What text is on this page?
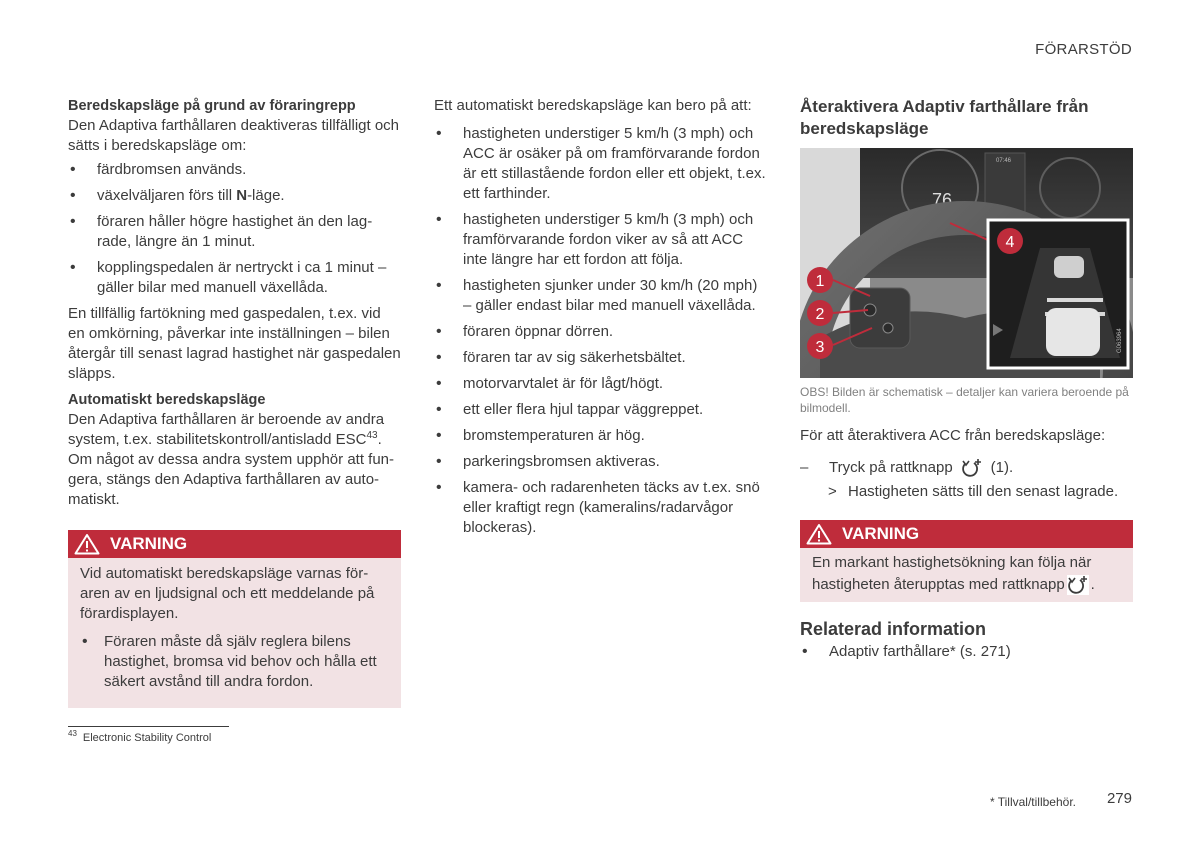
FÖRARSTÖD
Beredskapsläge på grund av föraringrepp

Den Adaptiva farthållaren deaktiveras tillfälligt och sätts i beredskapsläge om:

• färdbromsen används.
• växelväljaren förs till N-läge.
• föraren håller högre hastighet än den lagrade, längre än 1 minut.
• kopplingspedalen är nertryckt i ca 1 minut – gäller bilar med manuell växellåda.

En tillfällig fartökning med gaspedalen, t.ex. vid en omkörning, påverkar inte inställningen – bilen återgår till senast lagrad hastighet när gaspedalen släpps.

Automatiskt beredskapsläge

Den Adaptiva farthållaren är beroende av andra system, t.ex. stabilitetskontroll/antisladd ESC$^{43}$. Om något av dessa andra system upphör att fungera, stängs den Adaptiva farthållaren av automatiskt.

VARNING

Vid automatiskt beredskapsläge varnas föraren av en ljudsignal och ett meddelande på förardisplayen.

• Föraren måste då själv reglera bilens hastighet, bromsa vid behov och hålla ett säkert avstånd till andra fordon.

Ett automatiskt beredskapsläge kan bero på att:

• hastigheten understiger 5 km/h (3 mph) och ACC är osäker på om framförvarande fordon är ett stillastående fordon eller ett objekt, t.ex. ett farthinder.
• hastigheten understiger 5 km/h (3 mph) och framförvarande fordon viker av så att ACC inte längre har ett fordon att följa.
• hastigheten sjunker under 30 km/h (20 mph) – gäller endast bilar med manuell växellåda.
• föraren öppnar dörren.
• föraren tar av sig säkerhetsbältet.
• motorvarvtalet är för lågt/högt.
• ett eller flera hjul tappar väggreppet.
• bromstemperaturen är hög.
• parkeringsbromsen aktiveras.
• kamera- och radarenheten täcks av t.ex. snö eller kraftigt regn (kameralins/radarvågor blockeras).
Återaktivera Adaptiv farthållare från beredskapsläge
76
N
07:46
G063964
1
2
3
4

OBS! Bilden är schematisk – detaljer kan variera beroende på bilmodell.

För att återaktivera ACC från beredskapsläge:

– Tryck på rattknapp	(1).
> Hastigheten sätts till den senast lagrade.
VARNING
En markant hastighetsökning kan följa när hastigheten återupptas med rattknapp .
Relaterad information
• Adaptiv farthållare* (s. 271)
$^{43}$ Electronic Stability Control
* Tillval/tillbehör. 279
